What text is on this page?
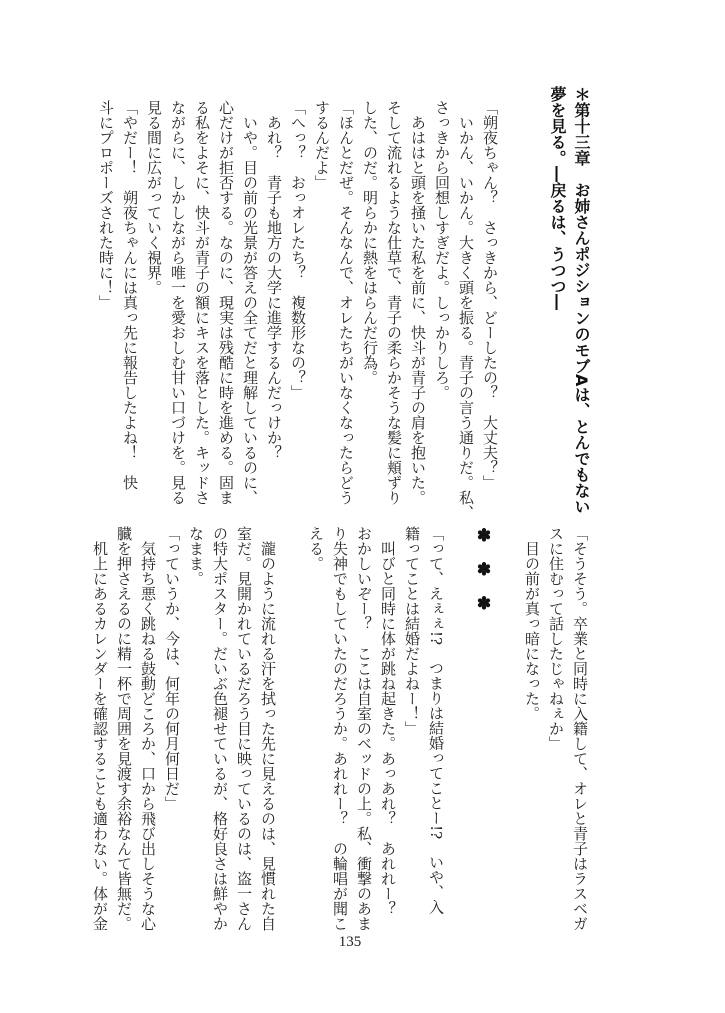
＊第十三章　お姉さんポジションのモブAは、とんでもない
夢を見る。―戻るは、うつつ―
「朔夜ちゃん？　さっきから、どーしたの？　大丈夫？」
　いかん、いかん。大きく頭を振る。青子の言う通りだ。私、
さっきから回想しすぎだよ。しっかりしろ。
　あははと頭を掻いた私を前に、快斗が青子の肩を抱いた。
そして流れるような仕草で、青子の柔らかそうな髪に頬ずり
した、のだ。明らかに熱をはらんだ行為。
「ほんとだぜ。そんなんで、オレたちがいなくなったらどう
するんだよ」
「へっ？　おっオレたち？　複数形なの？」
　あれ？　青子も地方の大学に進学するんだっけか？
　いや。目の前の光景が答えの全てだと理解しているのに、
心だけが拒否する。なのに、現実は残酷に時を進める。固ま
る私をよそに、快斗が青子の額にキスを落とした。キッドさ
ながらに、しかしながら唯一を愛おしむ甘い口づけを。見る
見る間に広がっていく視界。
「やだー！　朔夜ちゃんには真っ先に報告したよね！　快
斗にプロポーズされた時に！」
「そうそう。卒業と同時に入籍して、オレと青子はラスベガ
スに住むって話したじゃねぇか」
　目の前が真っ暗になった。

✽✽✽

「って、えぇぇ!?　つまりは結婚ってことー!?　いや、入
籍ってことは結婚だよねー！」
　叫びと同時に体が跳ね起きた。あっあれ？　あれれー？
おかしいぞー？　ここは自室のベッドの上。私、衝撃のあま
り失神でもしていたのだろうか。あれれー？　の輪唱が聞こ
える。

　瀧のように流れる汗を拭った先に見えるのは、見慣れた自
室だ。見開かれているだろう目に映っているのは、盗一さん
の特大ポスター。だいぶ色褪せているが、格好良さは鮮やか
なまま。
「っていうか、今は、何年の何月何日だ」
　気持ち悪く跳ねる鼓動どころか、口から飛び出しそうな心
臓を押さえるのに精一杯で周囲を見渡す余裕なんて皆無だ。
　机上にあるカレンダーを確認することも適わない。体が金
135
